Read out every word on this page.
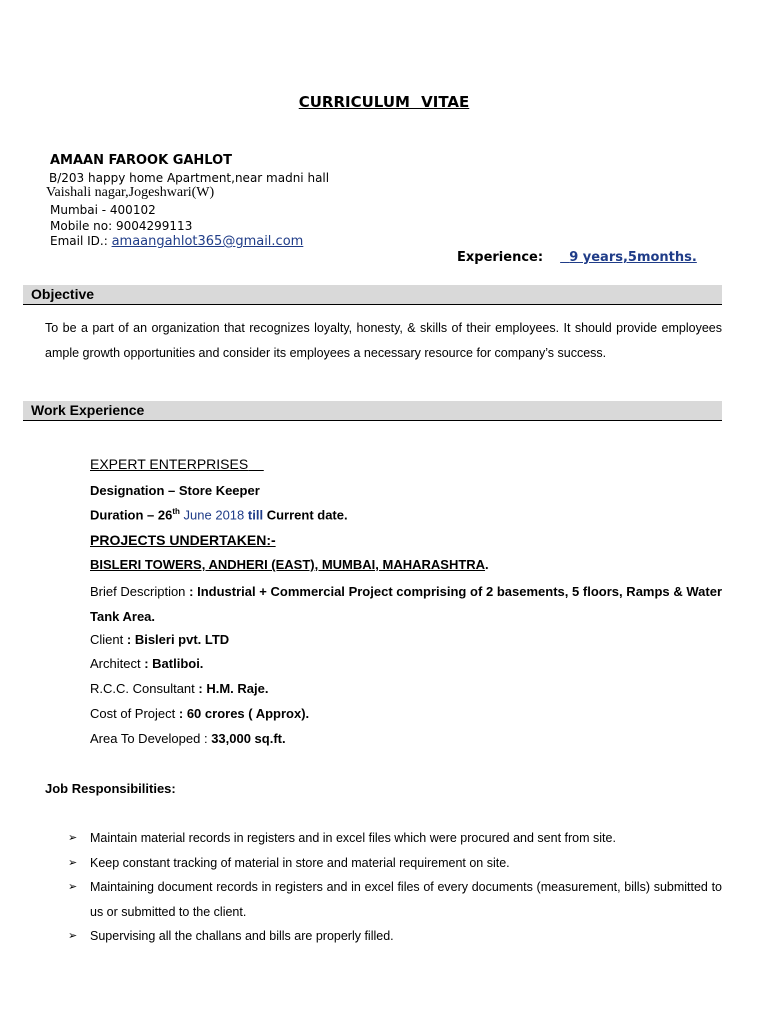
CURRICULUM VITAE
AMAAN FAROOK GAHLOT
B/203 happy home Apartment,near madni hall
Vaishali nagar,Jogeshwari(W)
Mumbai - 400102
Mobile no: 9004299113
Email ID.: amaangahlot365@gmail.com
Experience: 9 years,5months.
Objective
To be a part of an organization that recognizes loyalty, honesty, & skills of their employees. It should provide employees ample growth opportunities and consider its employees a necessary resource for company’s success.
Work Experience
EXPERT ENTERPRISES
Designation – Store Keeper
Duration – 26th June 2018 till Current date.
PROJECTS UNDERTAKEN:-
BISLERI TOWERS, ANDHERI (EAST), MUMBAI, MAHARASHTRA.
Brief Description : Industrial + Commercial Project comprising of 2 basements, 5 floors, Ramps & Water Tank Area.
Client : Bisleri pvt. LTD
Architect : Batliboi.
R.C.C. Consultant : H.M. Raje.
Cost of Project : 60 crores ( Approx).
Area To Developed : 33,000 sq.ft.
Job Responsibilities:
➢ Maintain material records in registers and in excel files which were procured and sent from site.
➢ Keep constant tracking of material in store and material requirement on site.
➢ Maintaining document records in registers and in excel files of every documents (measurement, bills) submitted to us or submitted to the client.
➢ Supervising all the challans and bills are properly filled.
